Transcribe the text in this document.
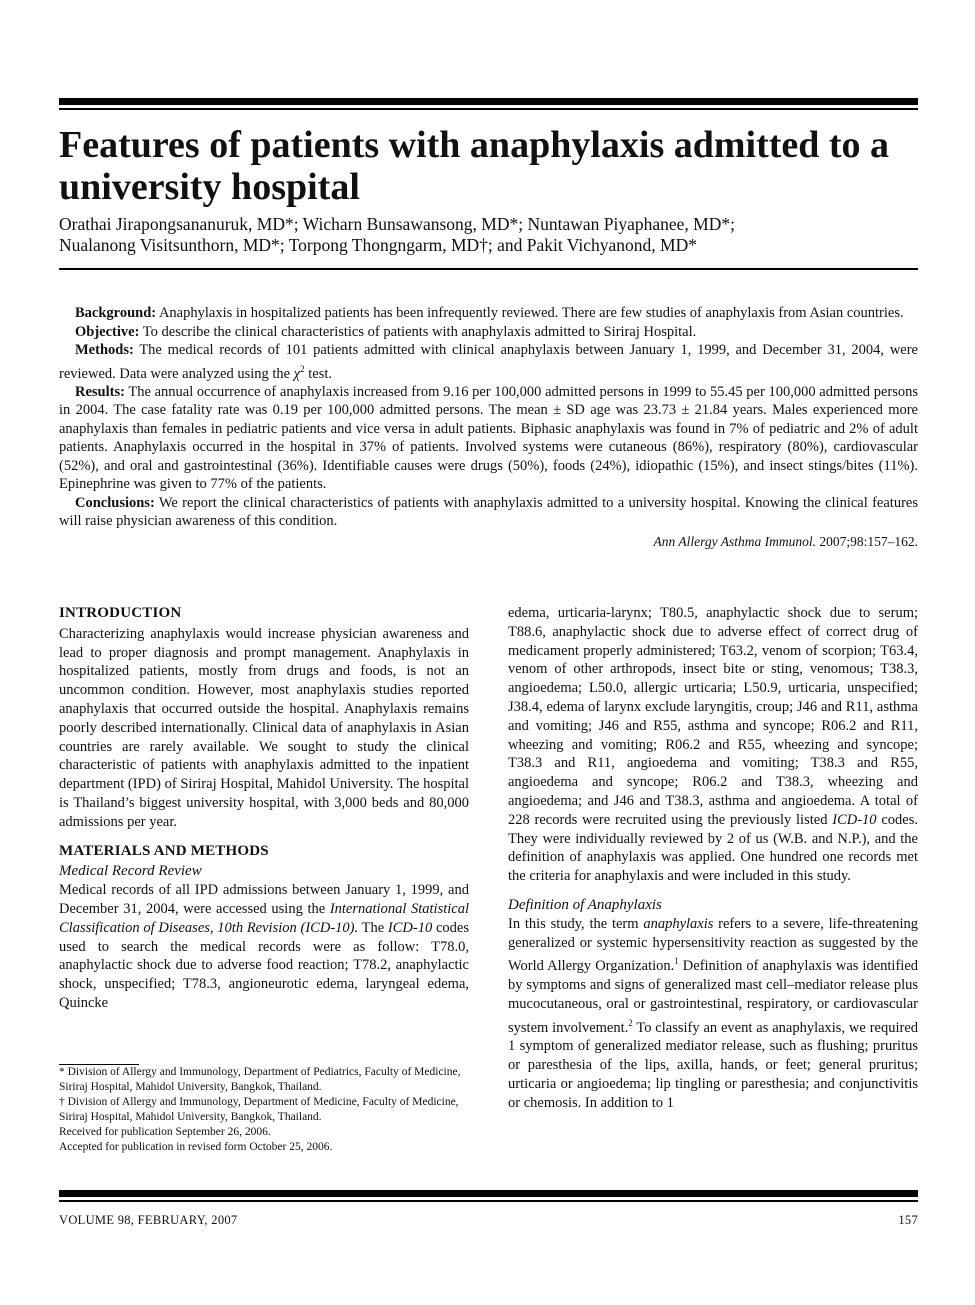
Features of patients with anaphylaxis admitted to a university hospital
Orathai Jirapongsananuruk, MD*; Wicharn Bunsawansong, MD*; Nuntawan Piyaphanee, MD*;
Nualanong Visitsunthorn, MD*; Torpong Thongngarm, MD†; and Pakit Vichyanond, MD*

Background: Anaphylaxis in hospitalized patients has been infrequently reviewed. There are few studies of anaphylaxis from Asian countries.

Objective: To describe the clinical characteristics of patients with anaphylaxis admitted to Siriraj Hospital.

Methods: The medical records of 101 patients admitted with clinical anaphylaxis between January 1, 1999, and December 31, 2004, were reviewed. Data were analyzed using the $\chi^2$ test.

Results: The annual occurrence of anaphylaxis increased from 9.16 per 100,000 admitted persons in 1999 to 55.45 per 100,000 admitted persons in 2004. The case fatality rate was 0.19 per 100,000 admitted persons. The mean ± SD age was 23.73 ± 21.84 years. Males experienced more anaphylaxis than females in pediatric patients and vice versa in adult patients. Biphasic anaphylaxis was found in 7% of pediatric and 2% of adult patients. Anaphylaxis occurred in the hospital in 37% of patients. Involved systems were cutaneous (86%), respiratory (80%), cardiovascular (52%), and oral and gastrointestinal (36%). Identifiable causes were drugs (50%), foods (24%), idiopathic (15%), and insect stings/bites (11%). Epinephrine was given to 77% of the patients.

Conclusions: We report the clinical characteristics of patients with anaphylaxis admitted to a university hospital. Knowing the clinical features will raise physician awareness of this condition.

Ann Allergy Asthma Immunol. 2007;98:157–162.
INTRODUCTION

Characterizing anaphylaxis would increase physician awareness and lead to proper diagnosis and prompt management. Anaphylaxis in hospitalized patients, mostly from drugs and foods, is not an uncommon condition. However, most anaphylaxis studies reported anaphylaxis that occurred outside the hospital. Anaphylaxis remains poorly described internationally. Clinical data of anaphylaxis in Asian countries are rarely available. We sought to study the clinical characteristic of patients with anaphylaxis admitted to the inpatient department (IPD) of Siriraj Hospital, Mahidol University. The hospital is Thailand’s biggest university hospital, with 3,000 beds and 80,000 admissions per year.

MATERIALS AND METHODS
Medical Record Review

Medical records of all IPD admissions between January 1, 1999, and December 31, 2004, were accessed using the International Statistical Classification of Diseases, 10th Revision (ICD-10). The ICD-10 codes used to search the medical records were as follow: T78.0, anaphylactic shock due to adverse food reaction; T78.2, anaphylactic shock, unspecified; T78.3, angioneurotic edema, laryngeal edema, Quincke

* Division of Allergy and Immunology, Department of Pediatrics, Faculty of Medicine, Siriraj Hospital, Mahidol University, Bangkok, Thailand.
† Division of Allergy and Immunology, Department of Medicine, Faculty of Medicine, Siriraj Hospital, Mahidol University, Bangkok, Thailand.
Received for publication September 26, 2006.
Accepted for publication in revised form October 25, 2006.

edema, urticaria-larynx; T80.5, anaphylactic shock due to serum; T88.6, anaphylactic shock due to adverse effect of correct drug of medicament properly administered; T63.2, venom of scorpion; T63.4, venom of other arthropods, insect bite or sting, venomous; T38.3, angioedema; L50.0, allergic urticaria; L50.9, urticaria, unspecified; J38.4, edema of larynx exclude laryngitis, croup; J46 and R11, asthma and vomiting; J46 and R55, asthma and syncope; R06.2 and R11, wheezing and vomiting; R06.2 and R55, wheezing and syncope; T38.3 and R11, angioedema and vomiting; T38.3 and R55, angioedema and syncope; R06.2 and T38.3, wheezing and angioedema; and J46 and T38.3, asthma and angioedema. A total of 228 records were recruited using the previously listed ICD-10 codes. They were individually reviewed by 2 of us (W.B. and N.P.), and the definition of anaphylaxis was applied. One hundred one records met the criteria for anaphylaxis and were included in this study.

Definition of Anaphylaxis

In this study, the term anaphylaxis refers to a severe, life-threatening generalized or systemic hypersensitivity reaction as suggested by the World Allergy Organization.$^1$ Definition of anaphylaxis was identified by symptoms and signs of generalized mast cell–mediator release plus mucocutaneous, oral or gastrointestinal, respiratory, or cardiovascular system involvement.$^2$ To classify an event as anaphylaxis, we required 1 symptom of generalized mediator release, such as flushing; pruritus or paresthesia of the lips, axilla, hands, or feet; general pruritus; urticaria or angioedema; lip tingling or paresthesia; and conjunctivitis or chemosis. In addition to 1

VOLUME 98, FEBRUARY, 2007	157
